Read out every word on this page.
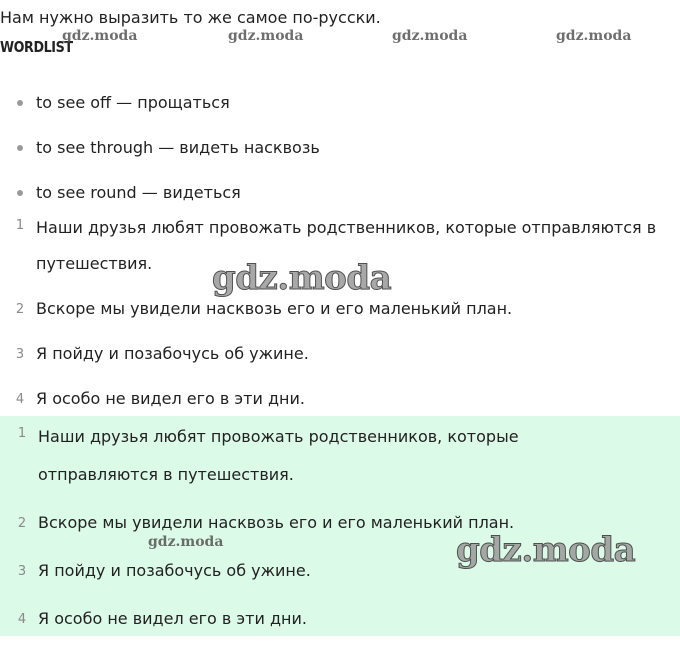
Нам нужно выразить то же самое по-русски.
WORDLIST
gdz.moda	gdz.moda	gdz.moda	gdz.moda
to see off — прощаться
to see through — видеть насквозь
to see round — видеться
1 Наши друзья любят провожать родственников, которые отправляются в путешествия.
2 Вскоре мы увидели насквозь его и его маленький план.
3 Я пойду и позабочусь об ужине.
4 Я особо не видел его в эти дни.
gdz.moda
1 Наши друзья любят провожать родственников, которые отправляются в путешествия.
2 Вскоре мы увидели насквозь его и его маленький план.
3 Я пойду и позабочусь об ужине.
4 Я особо не видел его в эти дни.
gdz.moda	gdz.moda
